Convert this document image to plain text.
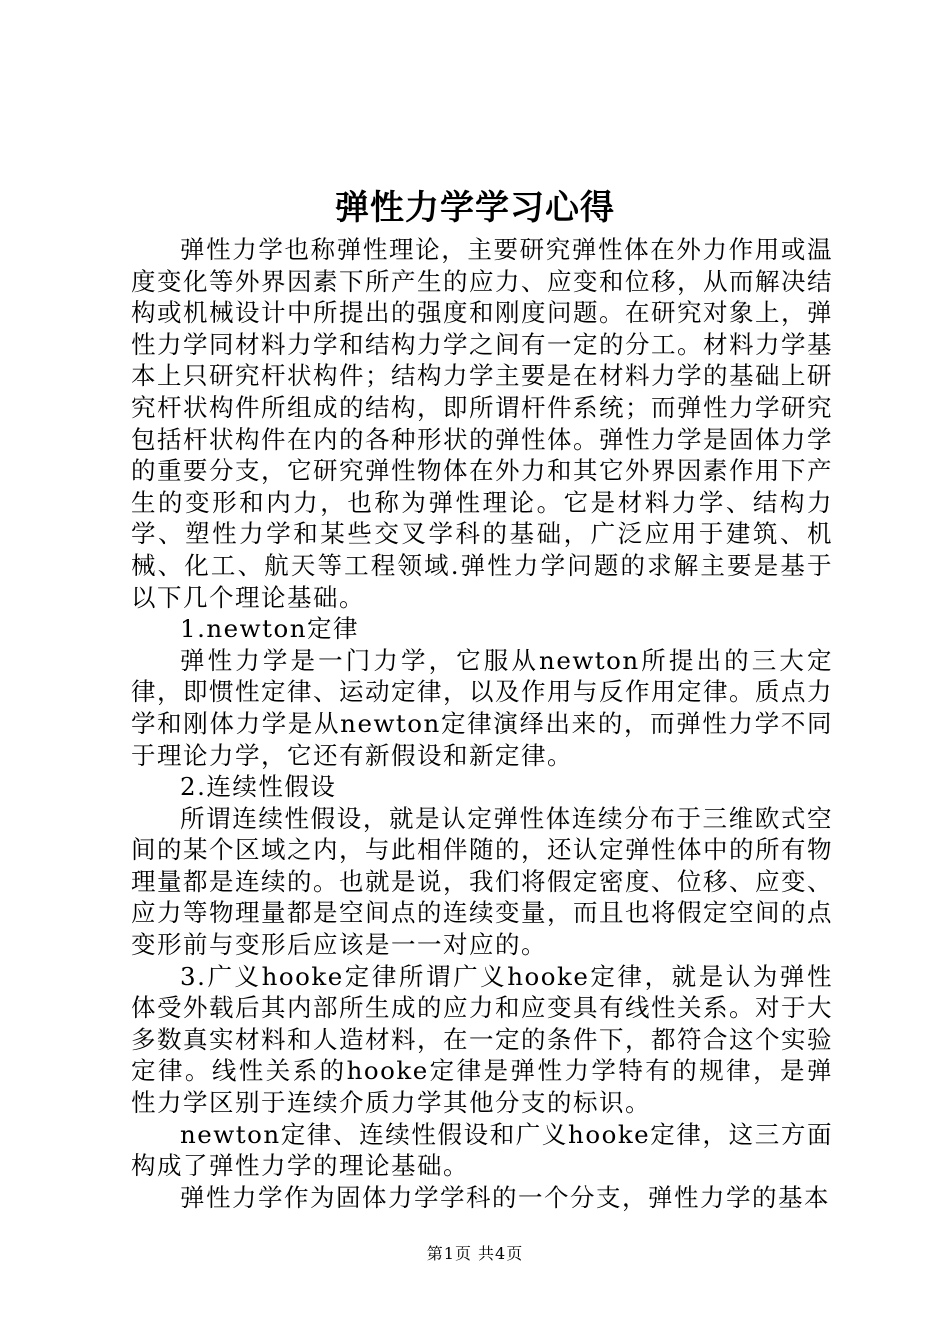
弹性力学学习心得

弹性力学也称弹性理论，主要研究弹性体在外力作用或温度变化等外界因素下所产生的应力、应变和位移，从而解决结构或机械设计中所提出的强度和刚度问题。在研究对象上，弹性力学同材料力学和结构力学之间有一定的分工。材料力学基本上只研究杆状构件；结构力学主要是在材料力学的基础上研究杆状构件所组成的结构，即所谓杆件系统；而弹性力学研究包括杆状构件在内的各种形状的弹性体。弹性力学是固体力学的重要分支，它研究弹性物体在外力和其它外界因素作用下产生的变形和内力，也称为弹性理论。它是材料力学、结构力学、塑性力学和某些交叉学科的基础，广泛应用于建筑、机械、化工、航天等工程领域.弹性力学问题的求解主要是基于以下几个理论基础。

1.newton定律

弹性力学是一门力学，它服从newton所提出的三大定律，即惯性定律、运动定律，以及作用与反作用定律。质点力学和刚体力学是从newton定律演绎出来的，而弹性力学不同于理论力学，它还有新假设和新定律。

2.连续性假设

所谓连续性假设，就是认定弹性体连续分布于三维欧式空间的某个区域之内，与此相伴随的，还认定弹性体中的所有物理量都是连续的。也就是说，我们将假定密度、位移、应变、应力等物理量都是空间点的连续变量，而且也将假定空间的点变形前与变形后应该是一一对应的。

3.广义hooke定律所谓广义hooke定律，就是认为弹性体受外载后其内部所生成的应力和应变具有线性关系。对于大多数真实材料和人造材料，在一定的条件下，都符合这个实验定律。线性关系的hooke定律是弹性力学特有的规律，是弹性力学区别于连续介质力学其他分支的标识。

newton定律、连续性假设和广义hooke定律，这三方面构成了弹性力学的理论基础。

弹性力学作为固体力学学科的一个分支，弹性力学的基本

第1页 共4页
